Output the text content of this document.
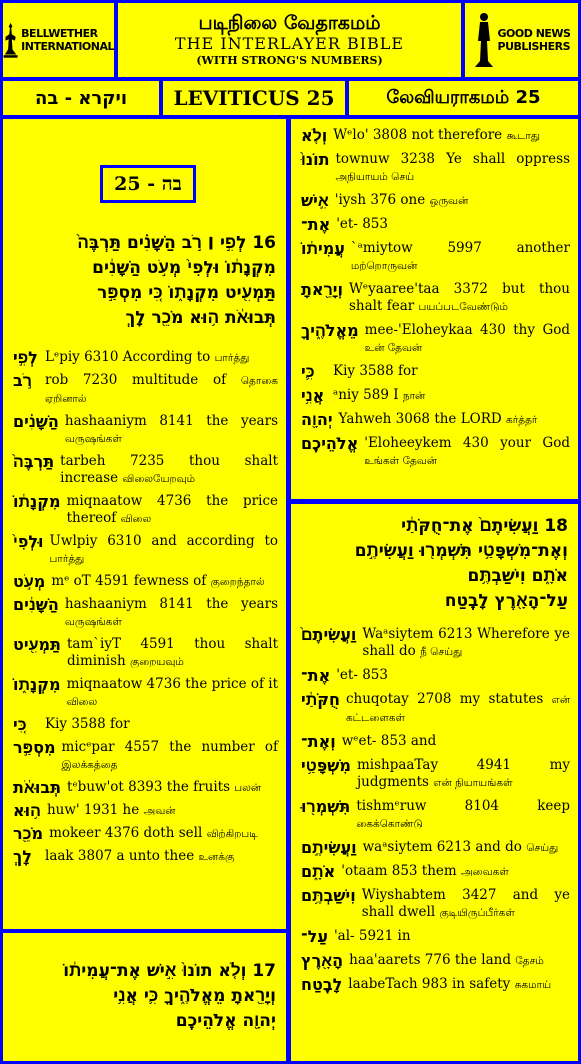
BELLWETHER
INTERNATIONAL
படிநிலை வேதாகமம்
THE INTERLAYER BIBLE
(WITH STRONG'S NUMBERS)
GOOD NEWS
PUBLISHERS
ויקרא - בה LEVITICUS 25	லேவியராகமம் 25
בה - 25
16 לְפִ֣י ׀ רֹ֣ב הַשָּׁנִ֗ים תַּרְבֶּה֙
מִקְנָת֔וֹ וּלְפִי֙ מְעֹ֣ט הַשָּׁנִ֔ים
תַּמְעִ֖יט מִקְנָת֑וֹ כִּ֚י מִסְפַּ֣ר
תְּבוּאֹ֔ת ה֥וּא מֹכֵ֖ר לָֽךְ
לְפִ֣י Lᵉpiy 6310 According to பார்த்து
רֹ֣ב rob 7230 multitude of தொகை ஏறினால்
הַשָּׁנִ֗ים hashaaniym 8141 the years வருஷங்கள்
תַּרְבֶּה֙ tarbeh 7235 thou shalt increase விலையேறவும்
מִקְנָת֔וֹ miqnaatow 4736 the price thereof விலை
וּלְפִי֙ Uwlpiy 6310 and according to பார்த்து
מְעֹ֣ט mᵉ oT 4591 fewness of குறைந்தால்
הַשָּׁנִ֔ים hashaaniym 8141 the years வருஷங்கள்
תַּמְעִ֖יט tam`iyT 4591 thou shalt diminish குறையவும்
מִקְנָת֑וֹ miqnaatow 4736 the price of it விலை
כִּ֚י	Kiy 3588 for
מִסְפַּ֣ר micᵉpar 4557 the number of இலக்கத்தை
תְּבוּאֹ֔ת tᵉbuw'ot 8393 the fruits பலன்
ה֥וּא huw' 1931 he அவன்
מֹכֵ֖ר mokeer 4376 doth sell விற்கிறபடி
לָֽךְ laak 3807 a unto thee உனக்கு
17 וְלֹ֤א תוֹנוּ֙ אִ֣ישׁ אֶת־עֲמִית֔וֹ
וְיָרֵ֖אתָ מֵאֱלֹהֶ֑יךָ כִּ֛י אֲנִ֥י
יְהוָ֖ה אֱלֹהֵיכֶֽם
וְלֹ֤א Wᵉlo' 3808 not therefore கூடாது
תוֹנוּ֙ townuw 3238 Ye shall oppress அநியாயம் செய்
אִ֣ישׁ 'iysh 376 one ஒருவன்
אֶת־ 'et- 853
עֲמִית֔וֹ `ᵃmiytow 5997 another மற்றொருவன்
וְיָרֵ֖אתָ Wᵉyaaree'taa 3372 but thou shalt fear பயப்படவேண்டும்
מֵאֱלֹהֶ֑יךָ mee-'Eloheykaa 430 thy God உன் தேவன்
כִּ֛י	Kiy 3588 for
אֲנִ֥י ᵃniy 589 I நான்
יְהוָ֖ה Yahweh 3068 the LORD கர்த்தர்
אֱלֹהֵיכֶֽם 'Eloheeykem 430 your God உங்கள் தேவன்
18 וַעֲשִׂיתֶם֙ אֶת־חֻקֹּתַ֔י
וְאֶת־מִשְׁפָּטַ֥י תִּשְׁמְר֖וּ וַעֲשִׂיתֶ֣ם
אֹתָ֑ם וִישַׁבְתֶּ֥ם
עַל־הָאָ֖רֶץ לָבֶֽטַח
וַעֲשִׂיתֶם֙ Waᵃsiytem 6213 Wherefore ye shall do நீ செய்து
אֶת־ 'et- 853
חֻקֹּתַ֔י chuqotay 2708 my statutes என் கட்டளைகள்
וְאֶת־ wᵉet- 853 and
מִשְׁפָּטַ֥י mishpaaTay 4941 my judgments என் நியாயங்கள்
תִּשְׁמְר֖וּ tishmᵉruw 8104 keep கைக்கொண்டு
וַעֲשִׂיתֶ֣ם waᵃsiytem 6213 and do செய்து
אֹתָ֑ם 'otaam 853 them அவைகள்
וִישַׁבְתֶּ֥ם Wiyshabtem 3427 and ye shall dwell குடியிருப்பீர்கள்
עַל־ 'al- 5921 in
הָאָ֖רֶץ haa'aarets 776 the land தேசம்
לָבֶֽטַח laabeTach 983 in safety சுகமாய்
